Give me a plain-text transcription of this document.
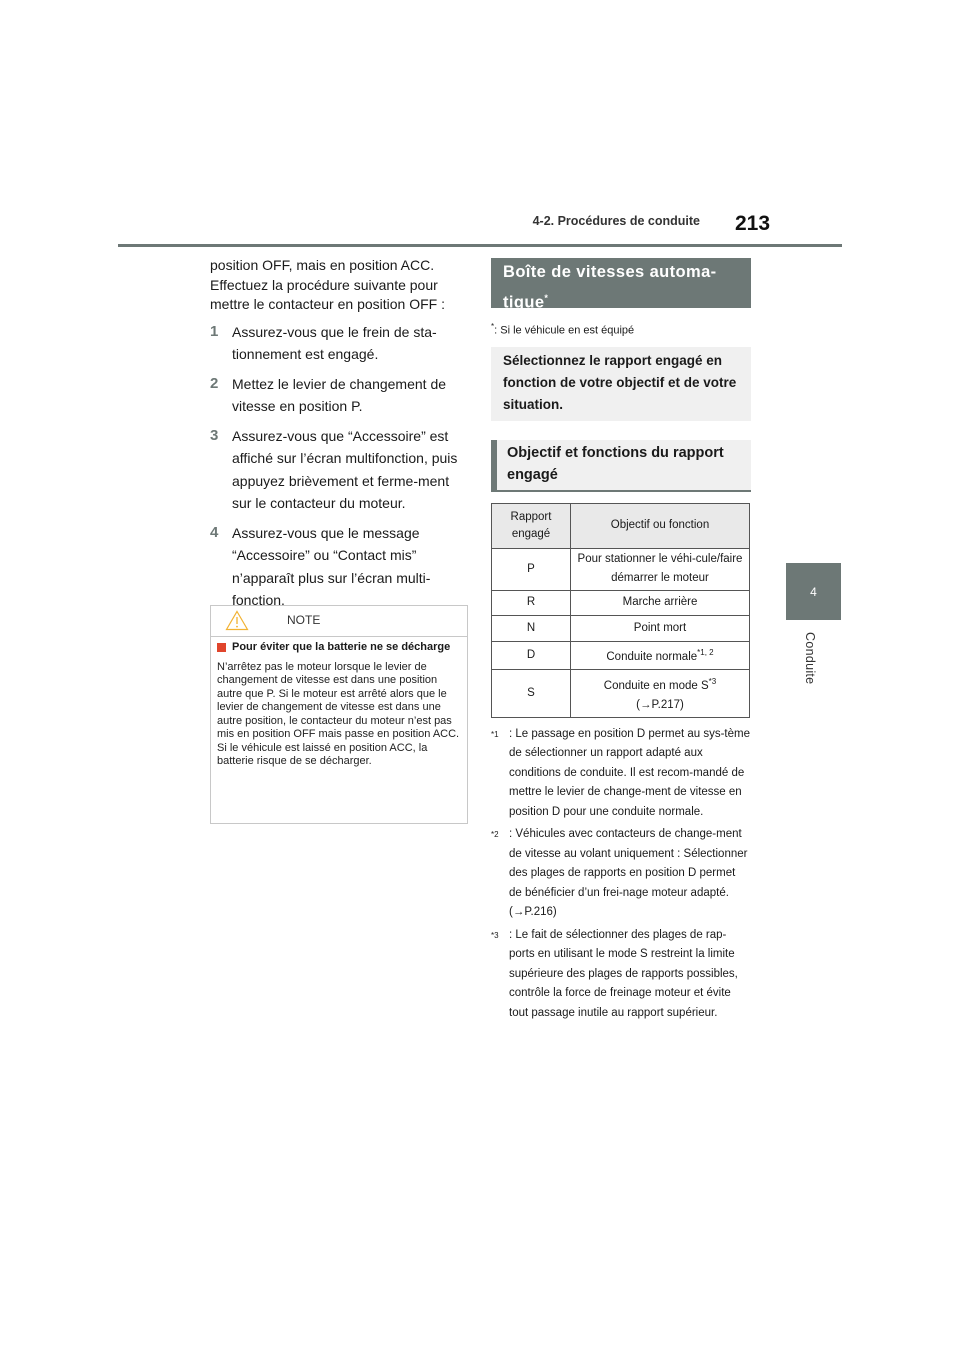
4-2. Procédures de conduite 213
4
Conduite

position OFF, mais en position ACC. Effectuez la procédure suivante pour mettre le contacteur en position OFF :

1 Assurez-vous que le frein de sta-tionnement est engagé.
2 Mettez le levier de changement de vitesse en position P.
3 Assurez-vous que “Accessoire” est affiché sur l’écran multifonction, puis appuyez brièvement et ferme-ment sur le contacteur du moteur.
4 Assurez-vous que le message “Accessoire” ou “Contact mis” n’apparaît plus sur l’écran multi-fonction.
NOTE
Pour éviter que la batterie ne se décharge
N’arrêtez pas le moteur lorsque le levier de changement de vitesse est dans une position autre que P. Si le moteur est arrêté alors que le levier de changement de vitesse est dans une autre position, le contacteur du moteur n’est pas mis en position OFF mais passe en position ACC. Si le véhicule est laissé en position ACC, la batterie risque de se décharger.
Boîte de vitesses automa-tique*
*: Si le véhicule en est équipé
Sélectionnez le rapport engagé en fonction de votre objectif et de votre situation.
Objectif et fonctions du rapport engagé
Rapport engagé	Objectif ou fonction
P	Pour stationner le véhi-cule/faire démarrer le moteur
R	Marche arrière
N	Point mort
D	Conduite normale$^{*1, 2}$
S	Conduite en mode $S^{*3}$
(→P.217)
$^{*1}$ : Le passage en position D permet au sys-tème de sélectionner un rapport adapté aux conditions de conduite. Il est recom-mandé de mettre le levier de change-ment de vitesse en position D pour une conduite normale.
$^{*2}$ : Véhicules avec contacteurs de change-ment de vitesse au volant uniquement : Sélectionner des plages de rapports en position D permet de bénéficier d’un frei-nage moteur adapté. (→P.216)
$^{*3}$ : Le fait de sélectionner des plages de rap-ports en utilisant le mode S restreint la limite supérieure des plages de rapports possibles, contrôle la force de freinage moteur et évite tout passage inutile au rapport supérieur.
